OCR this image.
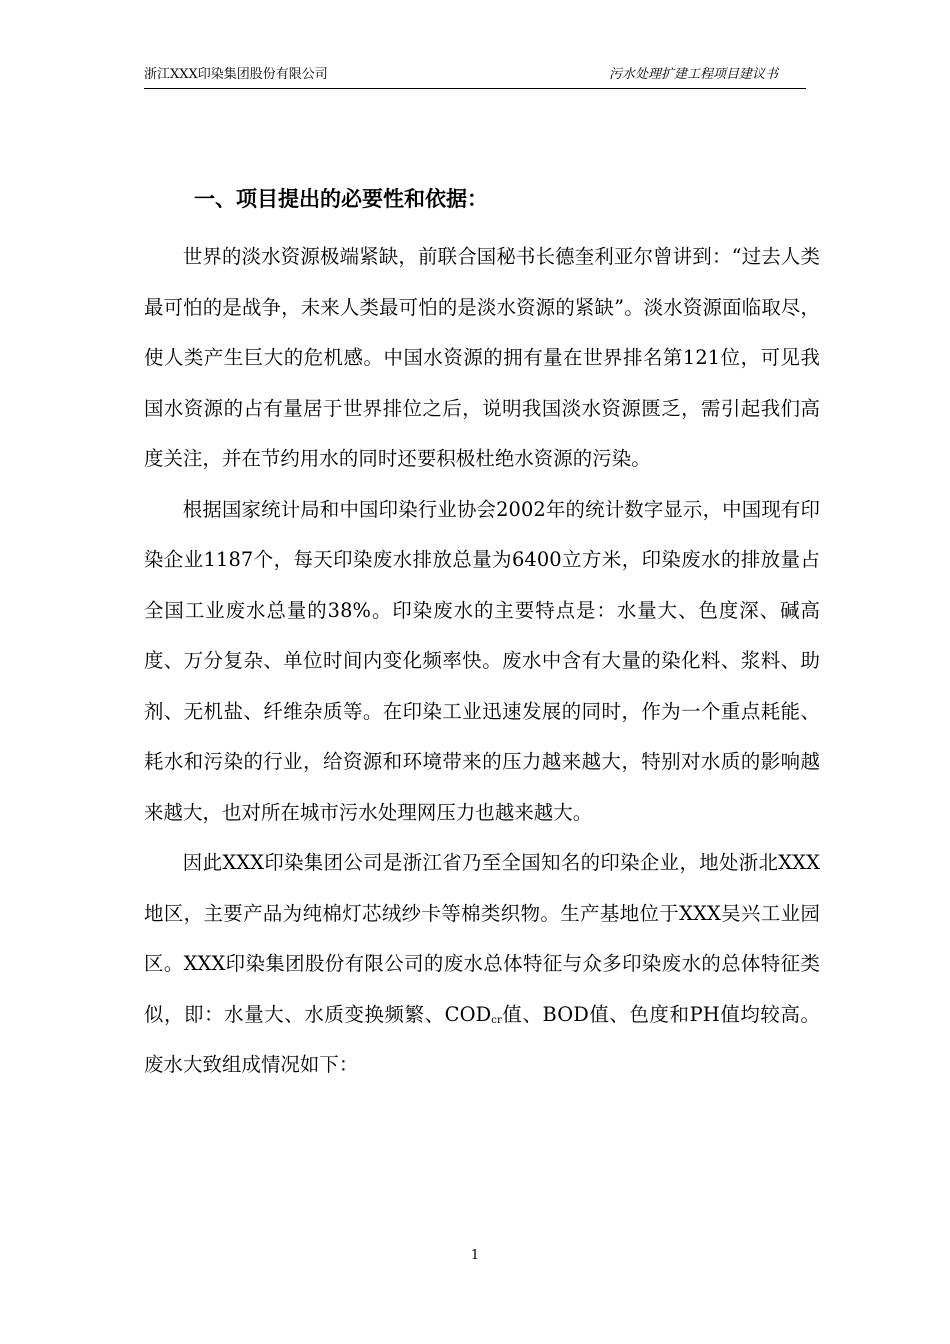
浙江XXX印染集团股份有限公司	污水处理扩建工程项目建议书
一、项目提出的必要性和依据：

世界的淡水资源极端紧缺，前联合国秘书长德奎利亚尔曾讲到：“过去人类最可怕的是战争，未来人类最可怕的是淡水资源的紧缺”。淡水资源面临取尽，使人类产生巨大的危机感。中国水资源的拥有量在世界排名第121位，可见我国水资源的占有量居于世界排位之后，说明我国淡水资源匮乏，需引起我们高度关注，并在节约用水的同时还要积极杜绝水资源的污染。

根据国家统计局和中国印染行业协会2002年的统计数字显示，中国现有印染企业1187个，每天印染废水排放总量为6400立方米，印染废水的排放量占全国工业废水总量的38%。印染废水的主要特点是：水量大、色度深、碱高度、万分复杂、单位时间内变化频率快。废水中含有大量的染化料、浆料、助剂、无机盐、纤维杂质等。在印染工业迅速发展的同时，作为一个重点耗能、耗水和污染的行业，给资源和环境带来的压力越来越大，特别对水质的影响越来越大，也对所在城市污水处理网压力也越来越大。

因此XXX印染集团公司是浙江省乃至全国知名的印染企业，地处浙北XXX地区，主要产品为纯棉灯芯绒纱卡等棉类织物。生产基地位于XXX吴兴工业园区。XXX印染集团股份有限公司的废水总体特征与众多印染废水的总体特征类似，即：水量大、水质变换频繁、$COD_{cr}$值、BOD值、色度和PH值均较高。废水大致组成情况如下：

1
